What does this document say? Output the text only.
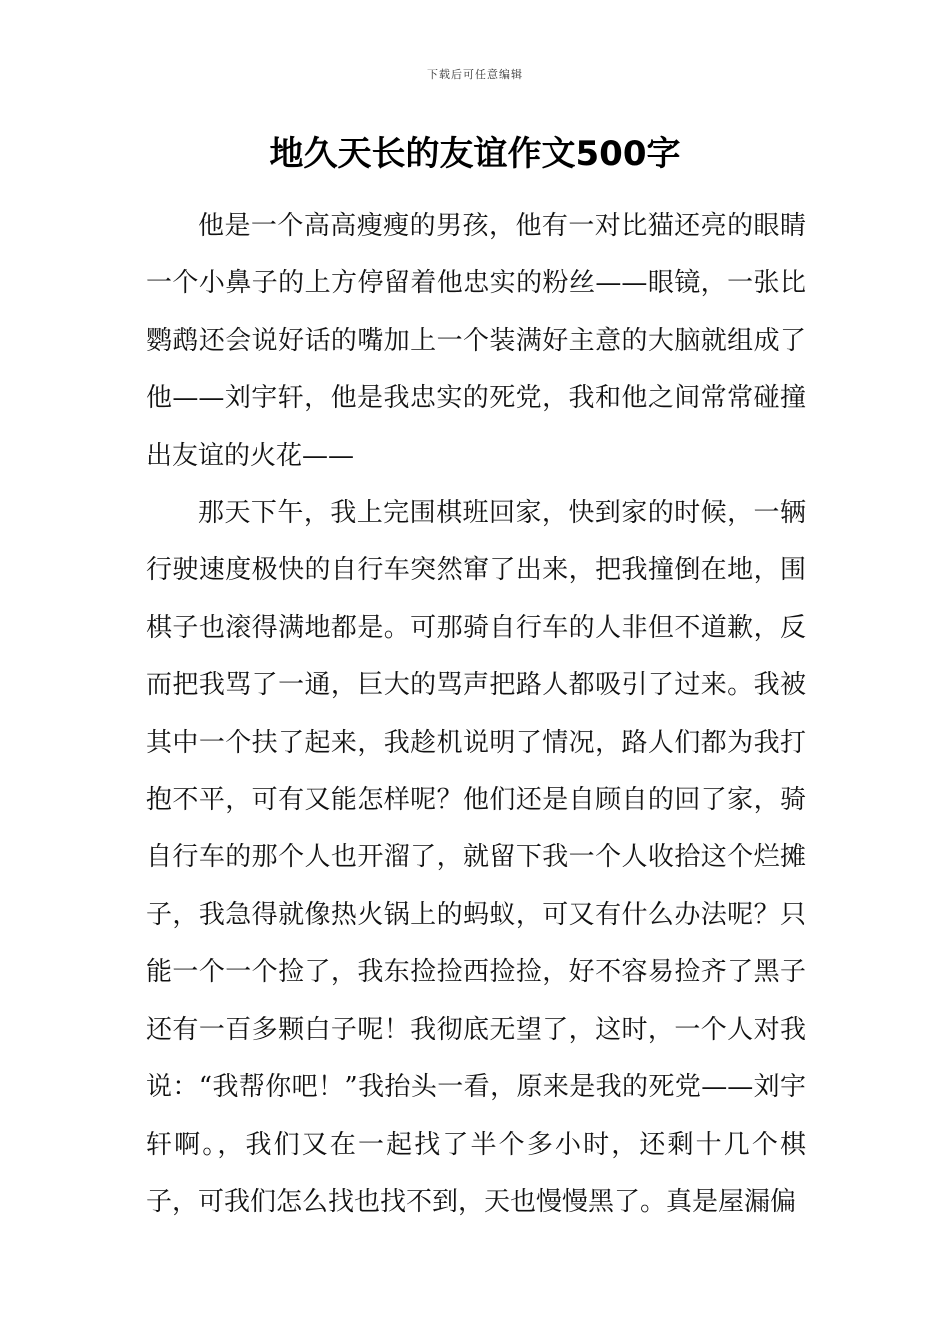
下载后可任意编辑
地久天长的友谊作文500字

他是一个高高瘦瘦的男孩，他有一对比猫还亮的眼睛一个小鼻子的上方停留着他忠实的粉丝——眼镜，一张比鹦鹉还会说好话的嘴加上一个装满好主意的大脑就组成了他——刘宇轩，他是我忠实的死党，我和他之间常常碰撞出友谊的火花——

那天下午，我上完围棋班回家，快到家的时候，一辆行驶速度极快的自行车突然窜了出来，把我撞倒在地，围棋子也滚得满地都是。可那骑自行车的人非但不道歉，反而把我骂了一通，巨大的骂声把路人都吸引了过来。我被其中一个扶了起来，我趁机说明了情况，路人们都为我打抱不平，可有又能怎样呢？他们还是自顾自的回了家，骑自行车的那个人也开溜了，就留下我一个人收拾这个烂摊子，我急得就像热火锅上的蚂蚁，可又有什么办法呢？只能一个一个捡了，我东捡捡西捡捡，好不容易捡齐了黑子还有一百多颗白子呢！我彻底无望了，这时，一个人对我说：“我帮你吧！”我抬头一看，原来是我的死党——刘宇轩啊。，我们又在一起找了半个多小时，还剩十几个棋子，可我们怎么找也找不到，天也慢慢黑了。真是屋漏偏
